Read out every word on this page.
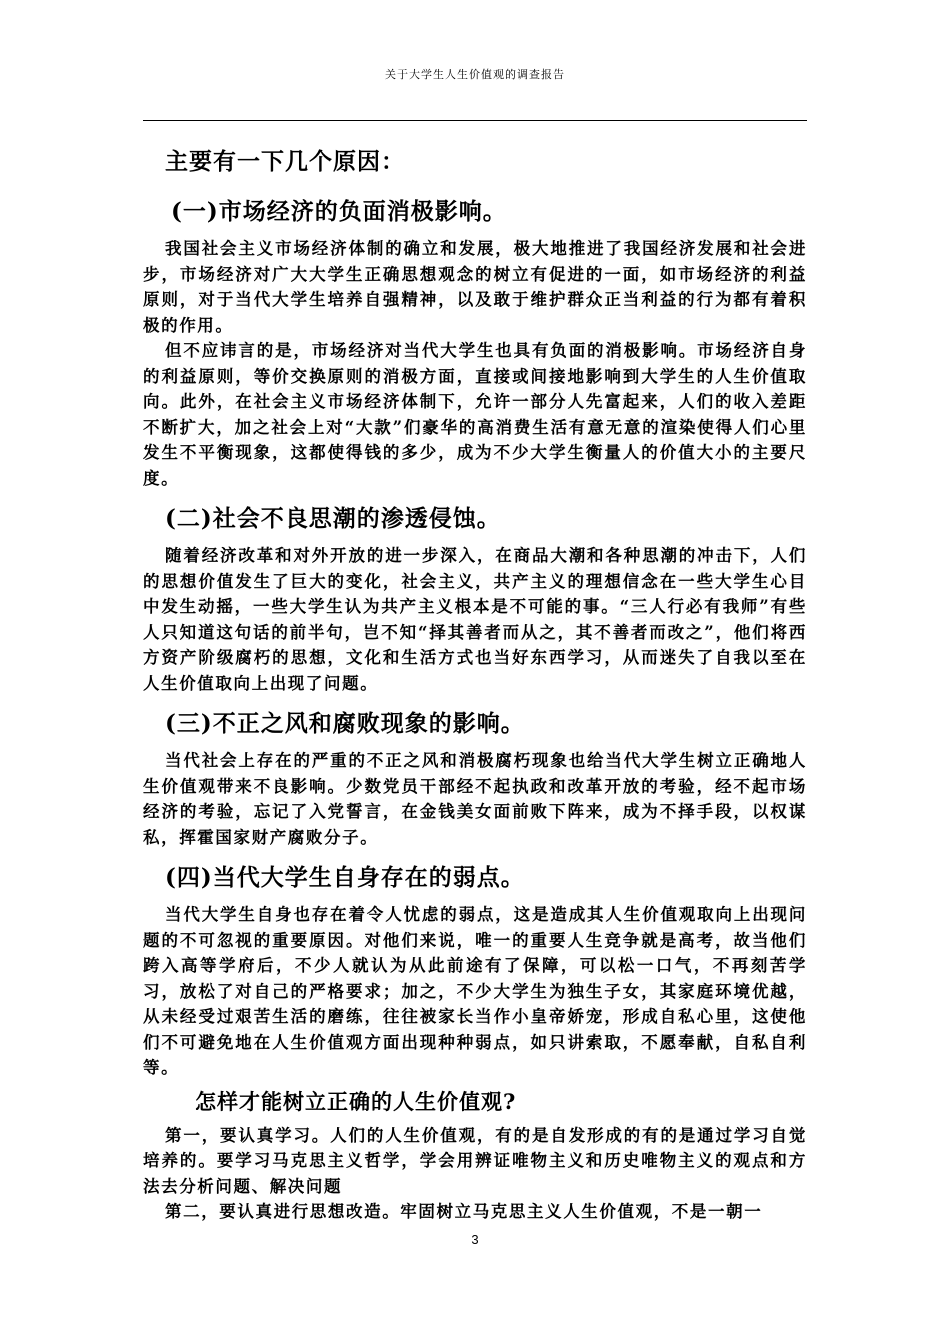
关于大学生人生价值观的调查报告
主要有一下几个原因：
(一)市场经济的负面消极影响。

我国社会主义市场经济体制的确立和发展，极大地推进了我国经济发展和社会进步，市场经济对广大大学生正确思想观念的树立有促进的一面，如市场经济的利益原则，对于当代大学生培养自强精神，以及敢于维护群众正当利益的行为都有着积极的作用。

但不应讳言的是，市场经济对当代大学生也具有负面的消极影响。市场经济自身的利益原则，等价交换原则的消极方面，直接或间接地影响到大学生的人生价值取向。此外，在社会主义市场经济体制下，允许一部分人先富起来，人们的收入差距不断扩大，加之社会上对“大款”们豪华的高消费生活有意无意的渲染使得人们心里发生不平衡现象，这都使得钱的多少，成为不少大学生衡量人的价值大小的主要尺度。

(二)社会不良思潮的渗透侵蚀。

随着经济改革和对外开放的进一步深入，在商品大潮和各种思潮的冲击下，人们的思想价值发生了巨大的变化，社会主义，共产主义的理想信念在一些大学生心目中发生动摇，一些大学生认为共产主义根本是不可能的事。“三人行必有我师”有些人只知道这句话的前半句，岂不知“择其善者而从之，其不善者而改之”，他们将西方资产阶级腐朽的思想，文化和生活方式也当好东西学习，从而迷失了自我以至在人生价值取向上出现了问题。

(三)不正之风和腐败现象的影响。

当代社会上存在的严重的不正之风和消极腐朽现象也给当代大学生树立正确地人生价值观带来不良影响。少数党员干部经不起执政和改革开放的考验，经不起市场经济的考验，忘记了入党誓言，在金钱美女面前败下阵来，成为不择手段，以权谋私，挥霍国家财产腐败分子。

(四)当代大学生自身存在的弱点。

当代大学生自身也存在着令人忧虑的弱点，这是造成其人生价值观取向上出现问题的不可忽视的重要原因。对他们来说，唯一的重要人生竞争就是高考，故当他们跨入高等学府后，不少人就认为从此前途有了保障，可以松一口气，不再刻苦学习，放松了对自己的严格要求；加之，不少大学生为独生子女，其家庭环境优越，从未经受过艰苦生活的磨练，往往被家长当作小皇帝娇宠，形成自私心里，这使他们不可避免地在人生价值观方面出现种种弱点，如只讲索取，不愿奉献，自私自利等。

怎样才能树立正确的人生价值观?

第一，要认真学习。人们的人生价值观，有的是自发形成的有的是通过学习自觉培养的。要学习马克思主义哲学，学会用辨证唯物主义和历史唯物主义的观点和方法去分析问题、解决问题

第二，要认真进行思想改造。牢固树立马克思主义人生价值观，不是一朝一

3
